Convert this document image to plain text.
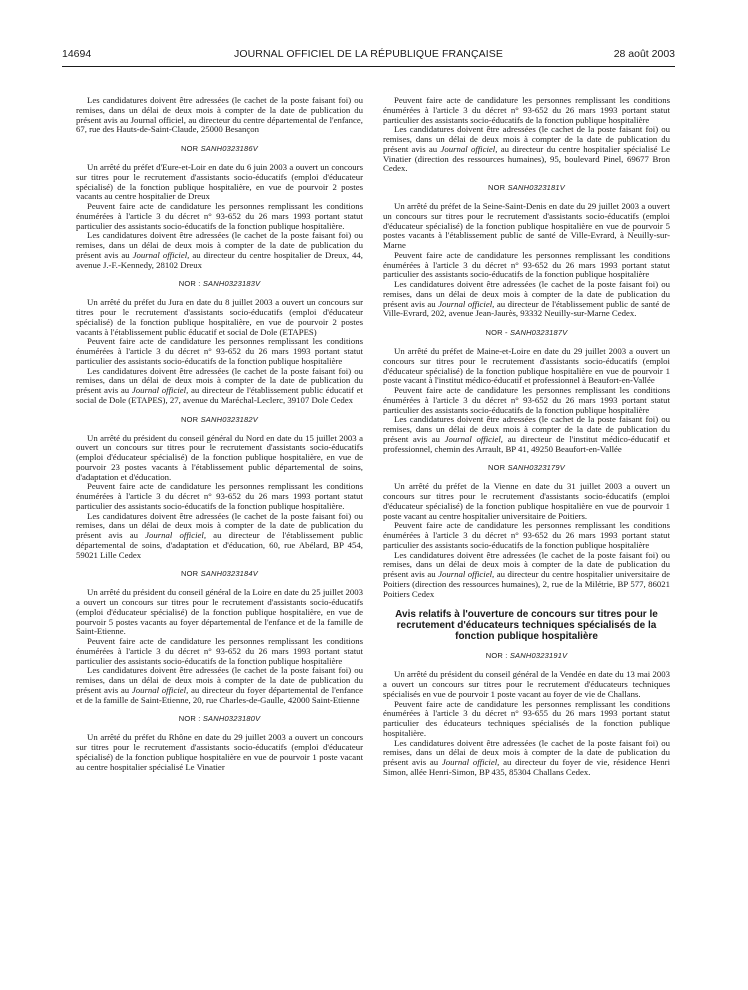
14694	JOURNAL OFFICIEL DE LA RÉPUBLIQUE FRANÇAISE	28 août 2003

Les candidatures doivent être adressées (le cachet de la poste faisant foi) ou remises, dans un délai de deux mois à compter de la date de publication du présent avis au Journal officiel, au directeur du centre départemental de l'enfance, 67, rue des Hauts-de-Saint-Claude, 25000 Besançon

NOR SANH0323186V

Un arrêté du préfet d'Eure-et-Loir en date du 6 juin 2003 a ouvert un concours sur titres pour le recrutement d'assistants socio-éducatifs (emploi d'éducateur spécialisé) de la fonction publique hospitalière, en vue de pourvoir 2 postes vacants au centre hospitalier de Dreux

Peuvent faire acte de candidature les personnes remplissant les conditions énumérées à l'article 3 du décret n° 93-652 du 26 mars 1993 portant statut particulier des assistants socio-éducatifs de la fonction publique hospitalière.

Les candidatures doivent être adressées (le cachet de la poste faisant foi) ou remises, dans un délai de deux mois à compter de la date de publication du présent avis au Journal officiel, au directeur du centre hospitalier de Dreux, 44, avenue J.-F.-Kennedy, 28102 Dreux

NOR : SANH0323183V

Un arrêté du préfet du Jura en date du 8 juillet 2003 a ouvert un concours sur titres pour le recrutement d'assistants socio-éducatifs (emploi d'éducateur spécialisé) de la fonction publique hospitalière, en vue de pourvoir 2 postes vacants à l'établissement public éducatif et social de Dole (ETAPES)

Peuvent faire acte de candidature les personnes remplissant les conditions énumérées à l'article 3 du décret n° 93-652 du 26 mars 1993 portant statut particulier des assistants socio-éducatifs de la fonction publique hospitalière

Les candidatures doivent être adressées (le cachet de la poste faisant foi) ou remises, dans un délai de deux mois à compter de la date de publication du présent avis au Journal officiel, au directeur de l'établissement public éducatif et social de Dole (ETAPES), 27, avenue du Maréchal-Leclerc, 39107 Dole Cedex

NOR SANH0323182V

Un arrêté du président du conseil général du Nord en date du 15 juillet 2003 a ouvert un concours sur titres pour le recrutement d'assistants socio-éducatifs (emploi d'éducateur spécialisé) de la fonction publique hospitalière, en vue de pourvoir 23 postes vacants à l'établissement public départemental de soins, d'adaptation et d'éducation.

Peuvent faire acte de candidature les personnes remplissant les conditions énumérées à l'article 3 du décret n° 93-652 du 26 mars 1993 portant statut particulier des assistants socio-éducatifs de la fonction publique hospitalière.

Les candidatures doivent être adressées (le cachet de la poste faisant foi) ou remises, dans un délai de deux mois à compter de la date de publication du présent avis au Journal officiel, au directeur de l'établissement public départemental de soins, d'adaptation et d'éducation, 60, rue Abélard, BP 454, 59021 Lille Cedex

NOR SANH0323184V

Un arrêté du président du conseil général de la Loire en date du 25 juillet 2003 a ouvert un concours sur titres pour le recrutement d'assistants socio-éducatifs (emploi d'éducateur spécialisé) de la fonction publique hospitalière, en vue de pourvoir 5 postes vacants au foyer départemental de l'enfance et de la famille de Saint-Etienne.

Peuvent faire acte de candidature les personnes remplissant les conditions énumérées à l'article 3 du décret n° 93-652 du 26 mars 1993 portant statut particulier des assistants socio-éducatifs de la fonction publique hospitalière

Les candidatures doivent être adressées (le cachet de la poste faisant foi) ou remises, dans un délai de deux mois à compter de la date de publication du présent avis au Journal officiel, au directeur du foyer départemental de l'enfance et de la famille de Saint-Etienne, 20, rue Charles-de-Gaulle, 42000 Saint-Etienne

NOR : SANH0323180V

Un arrêté du préfet du Rhône en date du 29 juillet 2003 a ouvert un concours sur titres pour le recrutement d'assistants socio-éducatifs (emploi d'éducateur spécialisé) de la fonction publique hospitalière en vue de pourvoir 1 poste vacant au centre hospitalier spécialisé Le Vinatier

Peuvent faire acte de candidature les personnes remplissant les conditions énumérées à l'article 3 du décret n° 93-652 du 26 mars 1993 portant statut particulier des assistants socio-éducatifs de la fonction publique hospitalière

Les candidatures doivent être adressées (le cachet de la poste faisant foi) ou remises, dans un délai de deux mois à compter de la date de publication du présent avis au Journal officiel, au directeur du centre hospitalier spécialisé Le Vinatier (direction des ressources humaines), 95, boulevard Pinel, 69677 Bron Cedex.

NOR SANH0323181V

Un arrêté du préfet de la Seine-Saint-Denis en date du 29 juillet 2003 a ouvert un concours sur titres pour le recrutement d'assistants socio-éducatifs (emploi d'éducateur spécialisé) de la fonction publique hospitalière en vue de pourvoir 5 postes vacants à l'établissement public de santé de Ville-Evrard, à Neuilly-sur-Marne

Peuvent faire acte de candidature les personnes remplissant les conditions énumérées à l'article 3 du décret n° 93-652 du 26 mars 1993 portant statut particulier des assistants socio-éducatifs de la fonction publique hospitalière

Les candidatures doivent être adressées (le cachet de la poste faisant foi) ou remises, dans un délai de deux mois à compter de la date de publication du présent avis au Journal officiel, au directeur de l'établissement public de santé de Ville-Evrard, 202, avenue Jean-Jaurès, 93332 Neuilly-sur-Marne Cedex.

NOR - SANH0323187V

Un arrêté du préfet de Maine-et-Loire en date du 29 juillet 2003 a ouvert un concours sur titres pour le recrutement d'assistants socio-éducatifs (emploi d'éducateur spécialisé) de la fonction publique hospitalière en vue de pourvoir 1 poste vacant à l'institut médico-éducatif et professionnel à Beaufort-en-Vallée

Peuvent faire acte de candidature les personnes remplissant les conditions énumérées à l'article 3 du décret n° 93-652 du 26 mars 1993 portant statut particulier des assistants socio-éducatifs de la fonction publique hospitalière

Les candidatures doivent être adressées (le cachet de la poste faisant foi) ou remises, dans un délai de deux mois à compter de la date de publication du présent avis au Journal officiel, au directeur de l'institut médico-éducatif et professionnel, chemin des Arrault, BP 41, 49250 Beaufort-en-Vallée

NOR SANH0323179V

Un arrêté du préfet de la Vienne en date du 31 juillet 2003 a ouvert un concours sur titres pour le recrutement d'assistants socio-éducatifs (emploi d'éducateur spécialisé) de la fonction publique hospitalière en vue de pourvoir 1 poste vacant au centre hospitalier universitaire de Poitiers.

Peuvent faire acte de candidature les personnes remplissant les conditions énumérées à l'article 3 du décret n° 93-652 du 26 mars 1993 portant statut particulier des assistants socio-éducatifs de la fonction publique hospitalière

Les candidatures doivent être adressées (le cachet de la poste faisant foi) ou remises, dans un délai de deux mois à compter de la date de publication du présent avis au Journal officiel, au directeur du centre hospitalier universitaire de Poitiers (direction des ressources humaines), 2, rue de la Milétrie, BP 577, 86021 Poitiers Cedex

Avis relatifs à l'ouverture de concours sur titres pour le recrutement d'éducateurs techniques spécialisés de la fonction publique hospitalière
NOR : SANH0323191V

Un arrêté du président du conseil général de la Vendée en date du 13 mai 2003 a ouvert un concours sur titres pour le recrutement d'éducateurs techniques spécialisés en vue de pourvoir 1 poste vacant au foyer de vie de Challans.

Peuvent faire acte de candidature les personnes remplissant les conditions énumérées à l'article 3 du décret n° 93-655 du 26 mars 1993 portant statut particulier des éducateurs techniques spécialisés de la fonction publique hospitalière.

Les candidatures doivent être adressées (le cachet de la poste faisant foi) ou remises, dans un délai de deux mois à compter de la date de publication du présent avis au Journal officiel, au directeur du foyer de vie, résidence Henri Simon, allée Henri-Simon, BP 435, 85304 Challans Cedex.
